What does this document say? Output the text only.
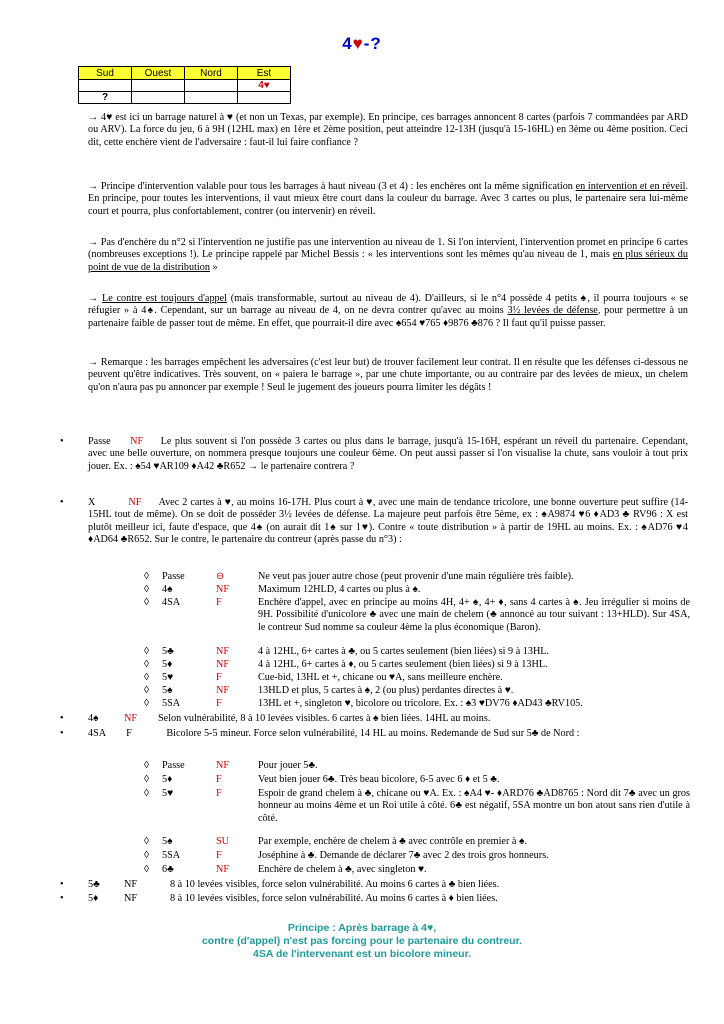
4♥-?
Sud	Ouest	Nord	Est
			4♥
?			
→ 4♥ est ici un barrage naturel à ♥ (et non un Texas, par exemple). En principe, ces barrages annoncent 8 cartes (parfois 7 commandées par ARD ou ARV). La force du jeu, 6 à 9H (12HL max) en 1ère et 2ème position, peut atteindre 12-13H (jusqu'à 15-16HL) en 3ème ou 4ème position. Ceci dit, cette enchère vient de l'adversaire : faut-il lui faire confiance ?
→ Principe d'intervention valable pour tous les barrages à haut niveau (3 et 4) : les enchères ont la même signification en intervention et en réveil. En principe, pour toutes les interventions, il vaut mieux être court dans la couleur du barrage. Avec 3 cartes ou plus, le partenaire sera lui-même court et pourra, plus confortablement, contrer (ou intervenir) en réveil.
→ Pas d'enchère du n°2 si l'intervention ne justifie pas une intervention au niveau de 1. Si l'on intervient, l'intervention promet en principe 6 cartes (nombreuses exceptions !). Le principe rappelé par Michel Bessis : « les interventions sont les mêmes qu'au niveau de 1, mais en plus sérieux du point de vue de la distribution »
→ Le contre est toujours d'appel (mais transformable, surtout au niveau de 4). D'ailleurs, si le n°4 possède 4 petits ♠, il pourra toujours « se réfugier » à 4♠. Cependant, sur un barrage au niveau de 4, on ne devra contrer qu'avec au moins 3½ levées de défense, pour permettre à un partenaire faible de passer tout de même. En effet, que pourrait-il dire avec ♠654 ♥765 ♦9876 ♣876 ? Il faut qu'il puisse passer.
→ Remarque : les barrages empêchent les adversaires (c'est leur but) de trouver facilement leur contrat. Il en résulte que les défenses ci-dessous ne peuvent qu'être indicatives. Très souvent, on « paiera le barrage », par une chute importante, ou au contraire par des levées de mieux, un chelem qu'on n'aura pas pu annoncer par exemple ! Seul le jugement des joueurs pourra limiter les dégâts !
• Passe NF Le plus souvent si l'on possède 3 cartes ou plus dans le barrage, jusqu'à 15-16H, espérant un réveil du partenaire. Cependant, avec une belle ouverture, on nommera presque toujours une couleur 6ème. On peut aussi passer si l'on visualise la chute, sans vouloir à tout prix jouer. Ex. : ♠54 ♥AR109 ♦A42 ♣R652 → le partenaire contrera ?
• X	NF Avec 2 cartes à ♥, au moins 16-17H. Plus court à ♥, avec une main de tendance tricolore, une bonne ouverture peut suffire (14-15HL tout de même). On se doit de posséder 3½ levées de défense. La majeure peut parfois être 5ème, ex : ♠A9874 ♥6 ♦AD3 ♣ RV96 : X est plutôt meilleur ici, faute d'espace, que 4♠ (on aurait dit 1♠ sur 1♥). Contre « toute distribution » à partir de 19HL au moins. Ex. : ♠AD76 ♥4 ♦AD64 ♣R652. Sur le contre, le partenaire du contreur (après passe du n°3) :
◊ Passe	⊖	Ne veut pas jouer autre chose (peut provenir d'une main régulière très faible).
◊ 4♠	NF	Maximum 12HLD, 4 cartes ou plus à ♠.
◊ 4SA	F	Enchère d'appel, avec en principe au moins 4H, 4+ ♠, 4+ ♦, sans 4 cartes à ♠. Jeu irrégulier si moins de 9H. Possibilité d'unicolore ♣ avec une main de chelem (♣ annoncé au tour suivant : 13+HLD). Sur 4SA, le contreur Sud nomme sa couleur 4ème la plus économique (Baron).
◊ 5♣	NF	4 à 12HL, 6+ cartes à ♣, ou 5 cartes seulement (bien liées) si 9 à 13HL.
◊ 5♦	NF	4 à 12HL, 6+ cartes à ♦, ou 5 cartes seulement (bien liées) si 9 à 13HL.
◊ 5♥	F	Cue-bid, 13HL et +, chicane ou ♥A, sans meilleure enchère.
◊ 5♠	NF	13HLD et plus, 5 cartes à ♠, 2 (ou plus) perdantes directes à ♥.
◊ 5SA	F	13HL et +, singleton ♥, bicolore ou tricolore. Ex. : ♠3 ♥DV76 ♦AD43 ♣RV105.
• 4♠ NF Selon vulnérabilité, 8 à 10 levées visibles. 6 cartes à ♠ bien liées. 14HL au moins.
• 4SA F	Bicolore 5-5 mineur. Force selon vulnérabilité, 14 HL au moins. Redemande de Sud sur 5♣ de Nord :
◊ Passe	NF	Pour jouer 5♣.
◊ 5♦	F	Veut bien jouer 6♣. Très beau bicolore, 6-5 avec 6 ♦ et 5 ♣.
◊ 5♥	F	Espoir de grand chelem à ♣, chicane ou ♥A. Ex. : ♠A4 ♥- ♦ARD76 ♣AD8765 : Nord dit 7♣ avec un gros honneur au moins 4ème et un Roi utile à côté. 6♣ est négatif, 5SA montre un bon atout sans rien d'utile à côté.
◊ 5♠	SU	Par exemple, enchère de chelem à ♣ avec contrôle en premier à ♠.
◊ 5SA	F	Joséphine à ♣. Demande de déclarer 7♣ avec 2 des trois gros honneurs.
◊ 6♣	NF	Enchère de chelem à ♣, avec singleton ♥.
• 5♣ NF	8 à 10 levées visibles, force selon vulnérabilité. Au moins 6 cartes à ♣ bien liées.
• 5♦	NF	8 à 10 levées visibles, force selon vulnérabilité. Au moins 6 cartes à ♦ bien liées.
Principe : Après barrage à 4♥,
contre (d'appel) n'est pas forcing pour le partenaire du contreur.
4SA de l'intervenant est un bicolore mineur.
